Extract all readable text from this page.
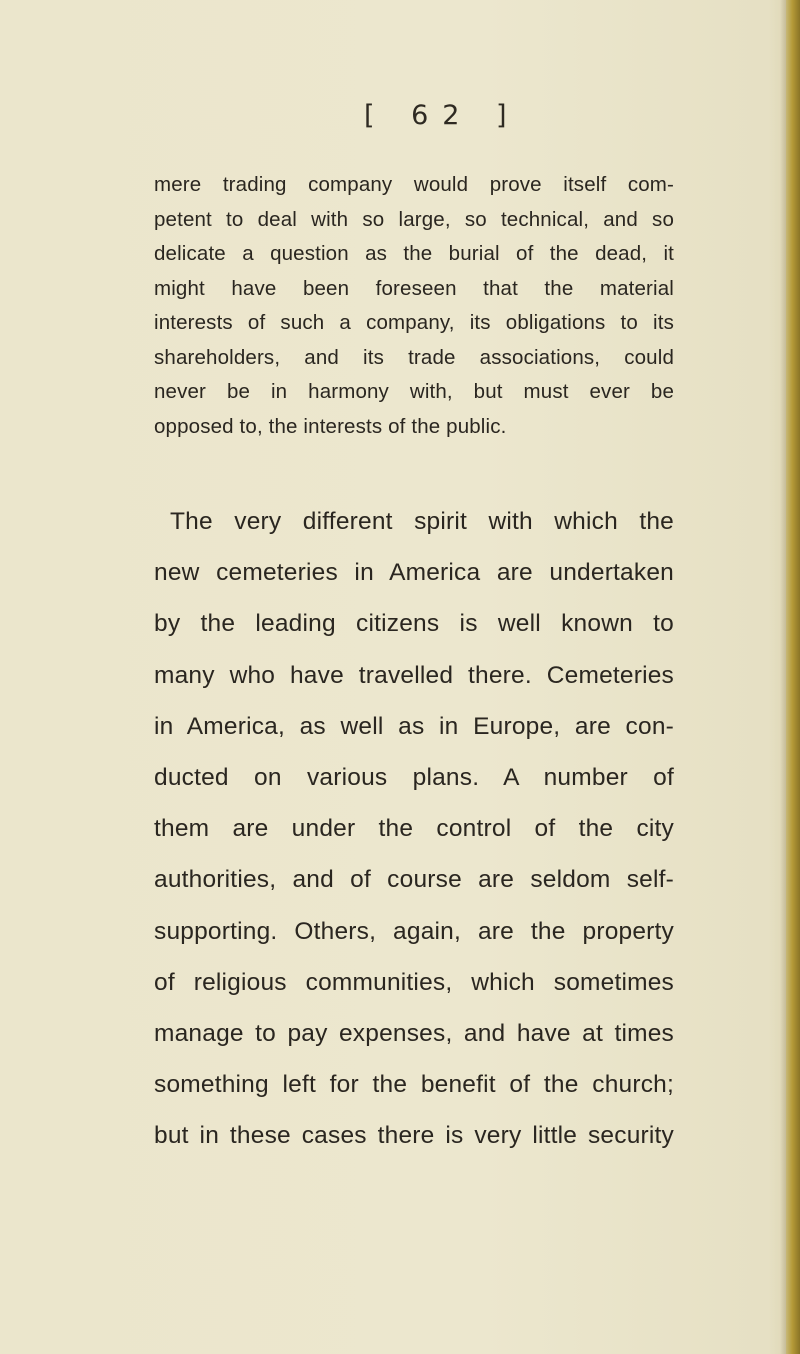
[ 62 ]

mere trading company would prove itself com-
petent to deal with so large, so technical, and so
delicate a question as the burial of the dead, it
might have been foreseen that the material
interests of such a company, its obligations to its
shareholders, and its trade associations, could
never be in harmony with, but must ever be
opposed to, the interests of the public.

The very different spirit with which the
new cemeteries in America are undertaken
by the leading citizens is well known to
many who have travelled there. Cemeteries
in America, as well as in Europe, are con-
ducted on various plans. A number of
them are under the control of the city
authorities, and of course are seldom self-
supporting. Others, again, are the property
of religious communities, which sometimes
manage to pay expenses, and have at times
something left for the benefit of the church;
but in these cases there is very little security
